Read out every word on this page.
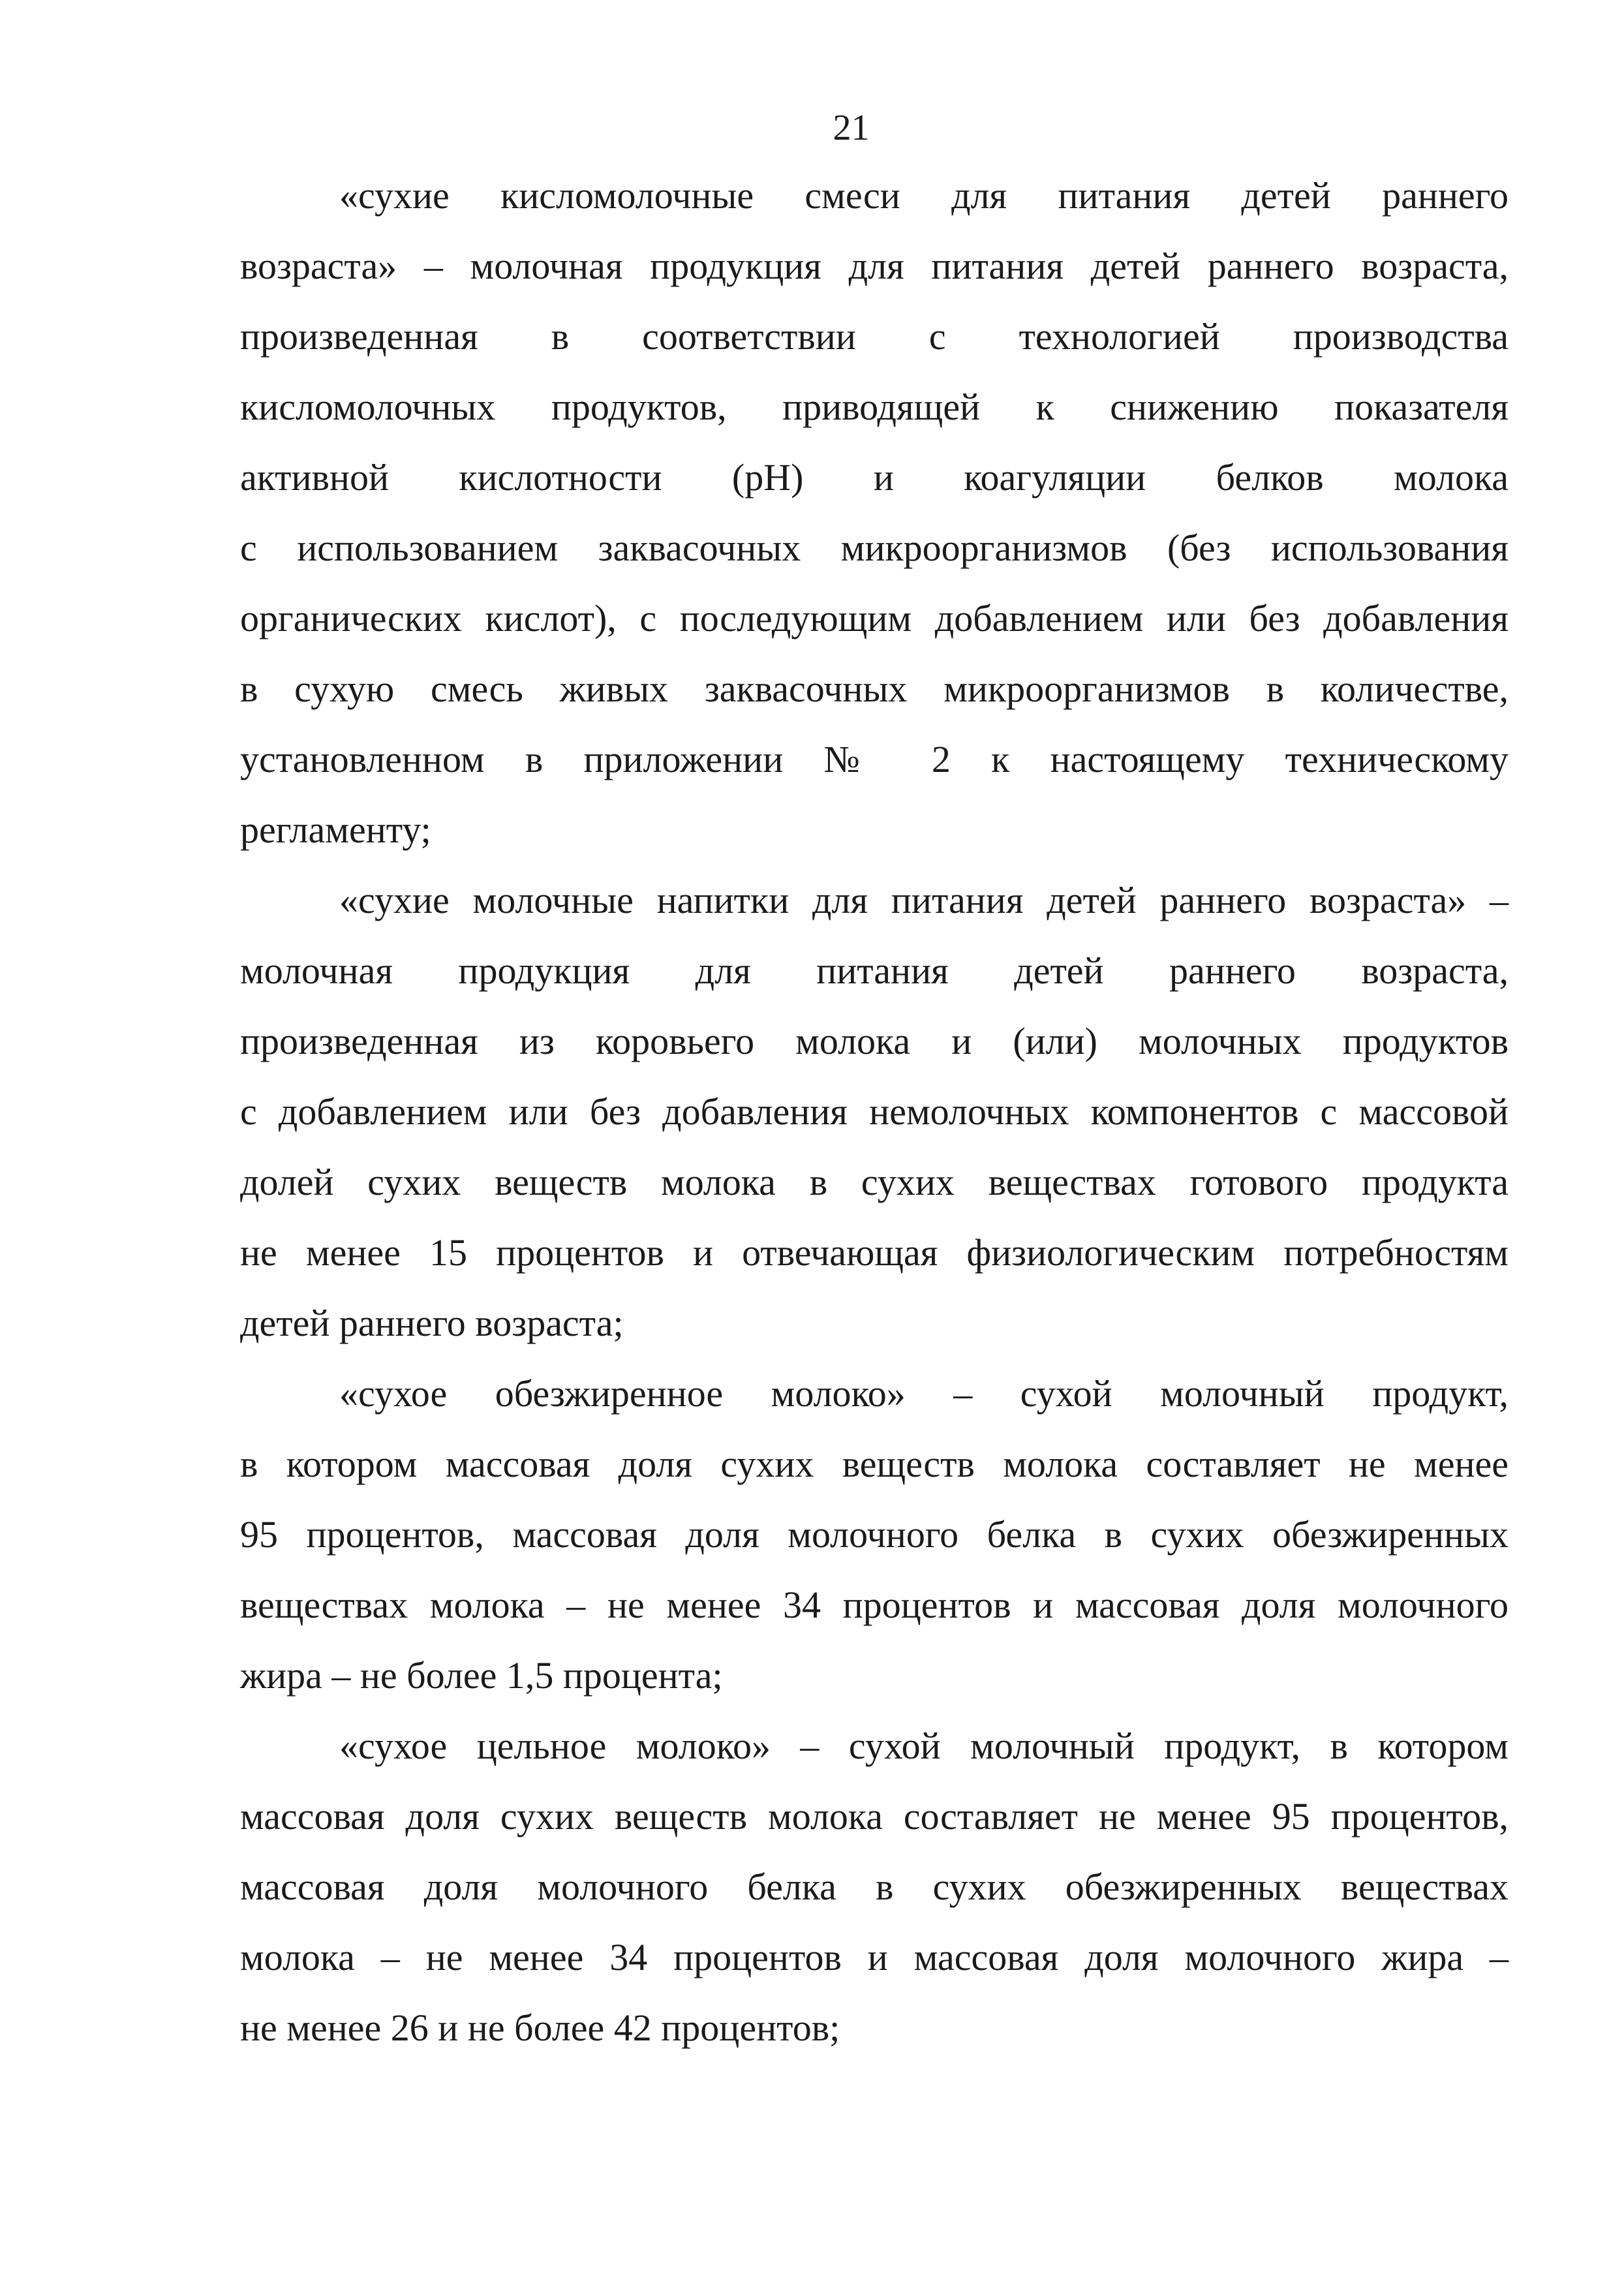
21
«сухие кисломолочные смеси для питания детей раннего
возраста» – молочная продукция для питания детей раннего возраста,
произведенная в соответствии с технологией производства
кисломолочных продуктов, приводящей к снижению показателя
активной кислотности (рН) и коагуляции белков молока
с использованием заквасочных микроорганизмов (без использования
органических кислот), с последующим добавлением или без добавления
в сухую смесь живых заквасочных микроорганизмов в количестве,
установленном в приложении № 2 к настоящему техническому
регламенту;
«сухие молочные напитки для питания детей раннего возраста» –
молочная продукция для питания детей раннего возраста,
произведенная из коровьего молока и (или) молочных продуктов
с добавлением или без добавления немолочных компонентов с массовой
долей сухих веществ молока в сухих веществах готового продукта
не менее 15 процентов и отвечающая физиологическим потребностям
детей раннего возраста;
«сухое обезжиренное молоко» – сухой молочный продукт,
в котором массовая доля сухих веществ молока составляет не менее
95 процентов, массовая доля молочного белка в сухих обезжиренных
веществах молока – не менее 34 процентов и массовая доля молочного
жира – не более 1,5 процента;
«сухое цельное молоко» – сухой молочный продукт, в котором
массовая доля сухих веществ молока составляет не менее 95 процентов,
массовая доля молочного белка в сухих обезжиренных веществах
молока – не менее 34 процентов и массовая доля молочного жира –
не менее 26 и не более 42 процентов;
